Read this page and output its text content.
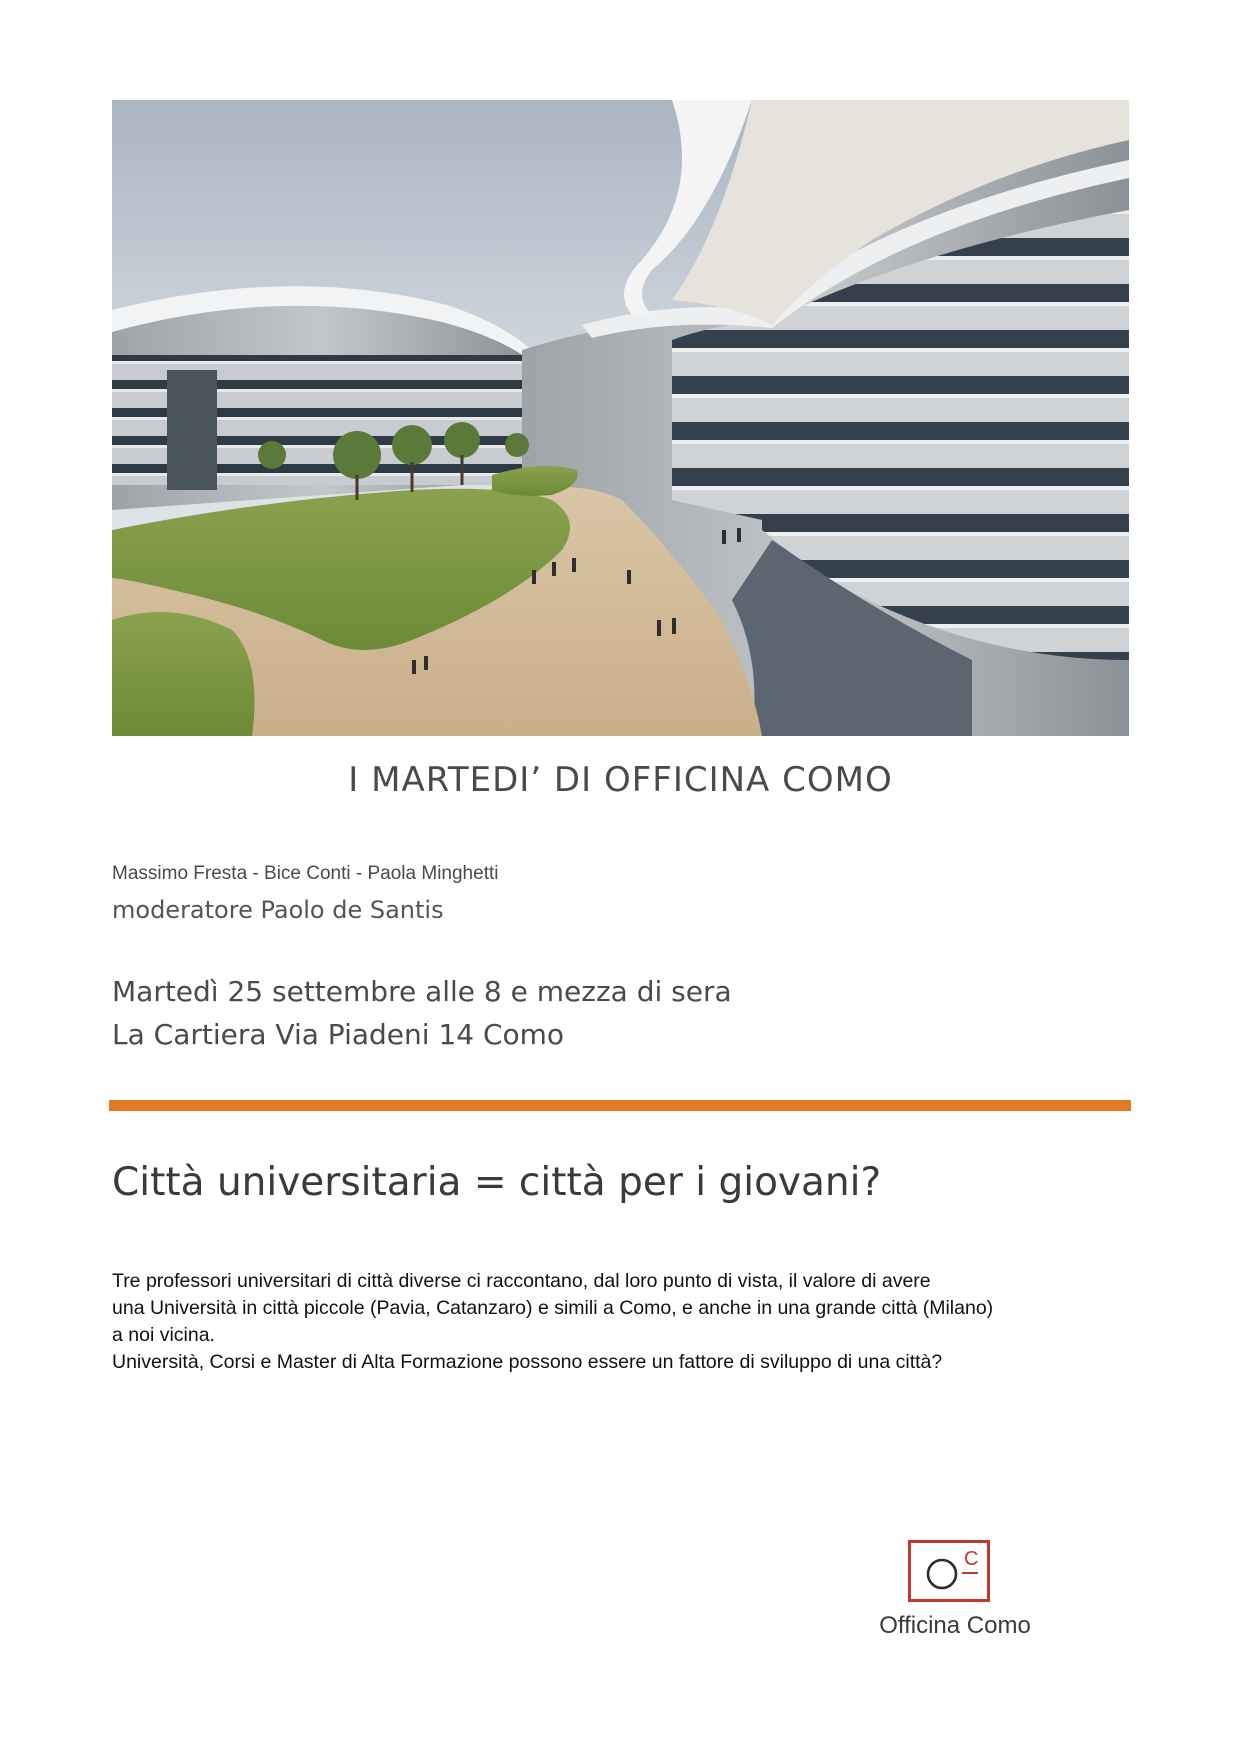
I MARTEDI’ DI OFFICINA COMO
Massimo Fresta - Bice Conti - Paola Minghetti
moderatore Paolo de Santis
Martedì 25 settembre alle 8 e mezza di sera
La Cartiera Via Piadeni 14 Como
Città universitaria = città per i giovani?

Tre professori universitari di città diverse ci raccontano, dal loro punto di vista, il valore di avere

una Università in città piccole (Pavia, Catanzaro) e simili a Como, e anche in una grande città (Milano)

a noi vicina.

Università, Corsi e Master di Alta Formazione possono essere un fattore di sviluppo di una città?

C
Officina Como
